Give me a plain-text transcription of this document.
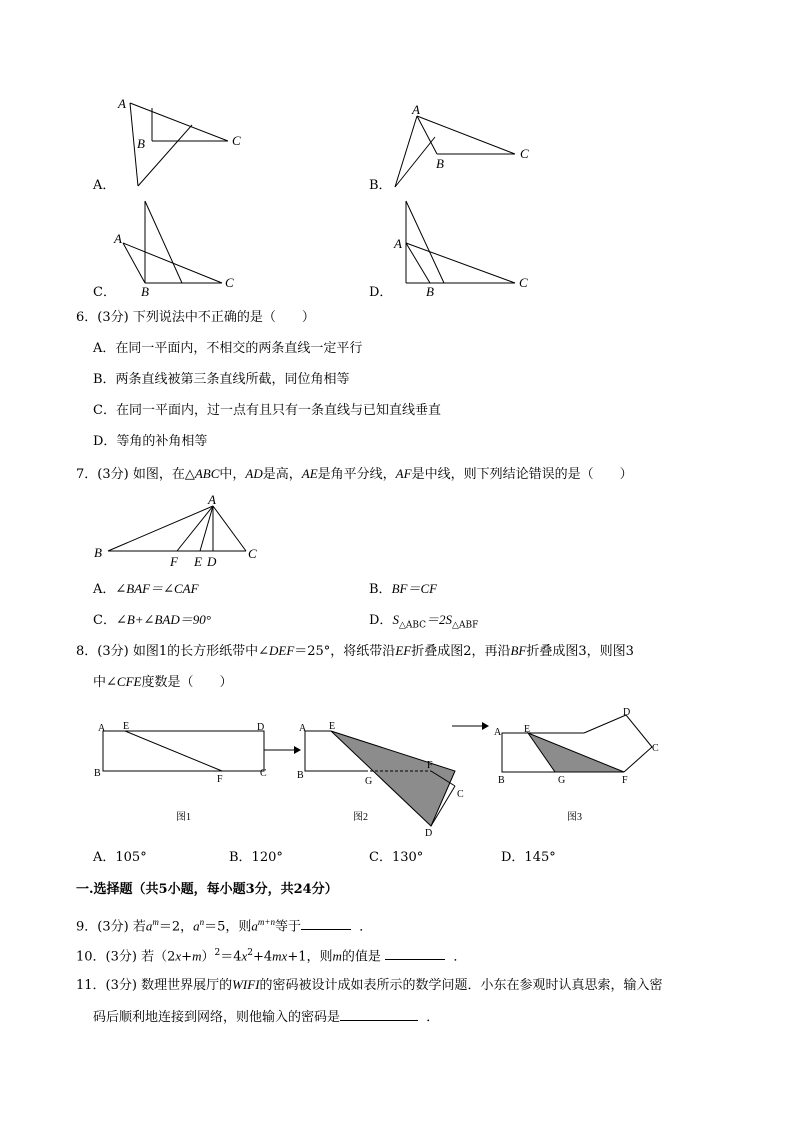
A．
A
B	C
B．
A
B
C
C．
A
B
C
D．
A
B
C
6．(3分) 下列说法中不正确的是（　　）
A．在同一平面内，不相交的两条直线一定平行
B．两条直线被第三条直线所截，同位角相等
C．在同一平面内，过一点有且只有一条直线与已知直线垂直
D．等角的补角相等
7．(3分) 如图，在△ABC中，AD是高，AE是角平分线，AF是中线，则下列结论错误的是（　　）
A
B	C
F E D
A．∠BAF＝∠CAF	B．BF＝CF
C．∠B+∠BAD＝90°	D．$S_{\triangle ABC}=2S_{\triangle ABF}$
8．(3分) 如图1的长方形纸带中∠DEF＝25°，将纸带沿EF折叠成图2，再沿BF折叠成图3，则图3
中∠CFE度数是（　　）
A E	D
B
F
C
图1
A E
B
G
F
C
D
图2
A E
D
C
B	G	F
图3
A．105°	B．120°	C．130°	D．145°
一.选择题（共5小题，每小题3分，共24分）
9．(3分) 若$a^m=2$，$a^n=5$，则$a^{m+n}$等于	．
10．(3分) 若$(2x+m)^2=4x^2+4mx+1$，则m的值是	．
11．(3分) 数理世界展厅的WIFI的密码被设计成如表所示的数学问题．小东在参观时认真思索，输入密
码后顺利地连接到网络，则他输入的密码是	．
